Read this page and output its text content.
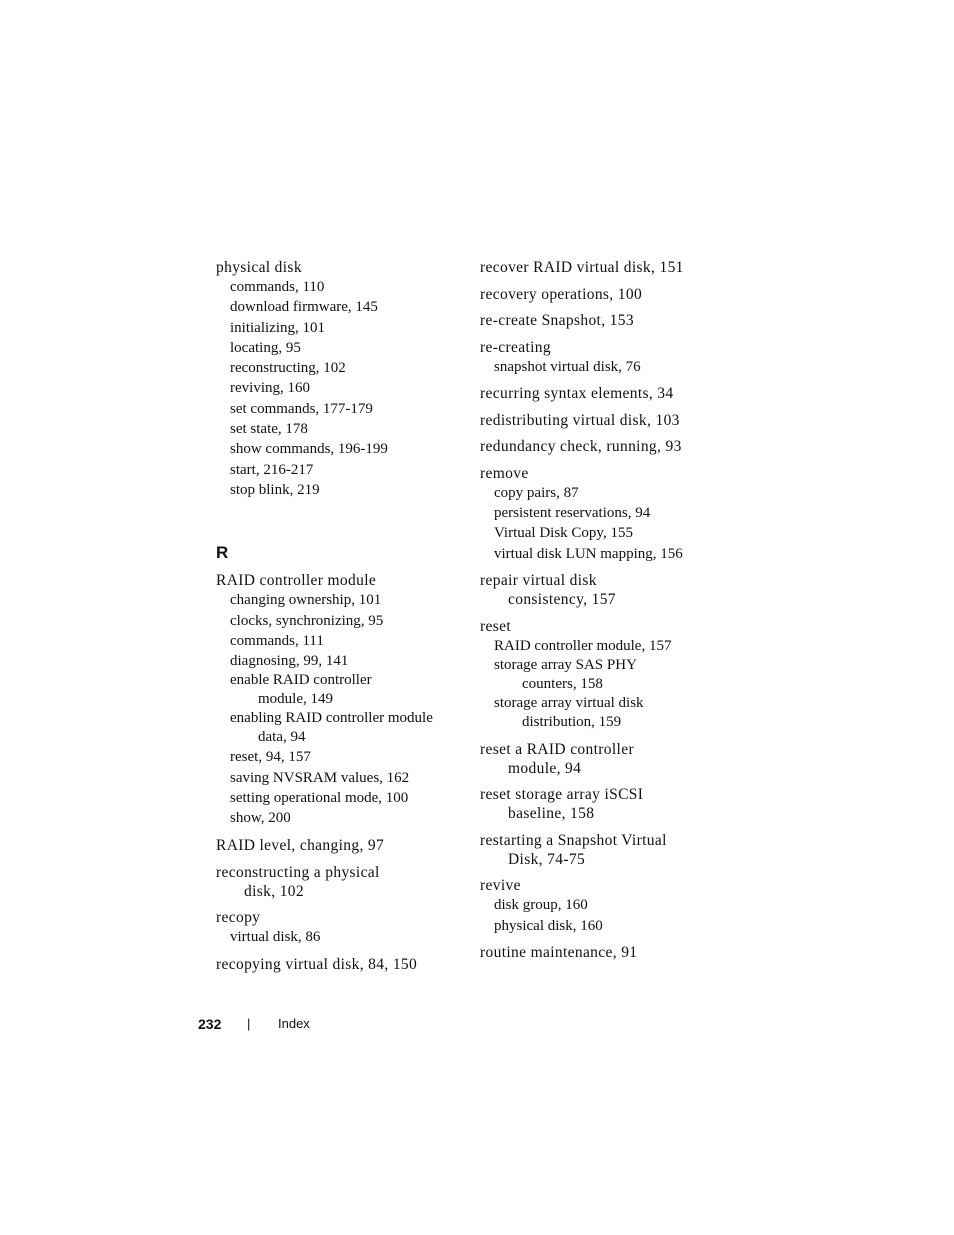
physical disk
commands, 110
download firmware, 145
initializing, 101
locating, 95
reconstructing, 102
reviving, 160
set commands, 177-179
set state, 178
show commands, 196-199
start, 216-217
stop blink, 219
R
RAID controller module
changing ownership, 101
clocks, synchronizing, 95
commands, 111
diagnosing, 99, 141
enable RAID controller
module, 149
enabling RAID controller module
data, 94
reset, 94, 157
saving NVSRAM values, 162
setting operational mode, 100
show, 200
RAID level, changing, 97
reconstructing a physical
disk, 102
recopy
virtual disk, 86
recopying virtual disk, 84, 150
recover RAID virtual disk, 151
recovery operations, 100
re-create Snapshot, 153
re-creating
snapshot virtual disk, 76
recurring syntax elements, 34
redistributing virtual disk, 103
redundancy check, running, 93
remove
copy pairs, 87
persistent reservations, 94
Virtual Disk Copy, 155
virtual disk LUN mapping, 156
repair virtual disk
consistency, 157
reset
RAID controller module, 157
storage array SAS PHY
counters, 158
storage array virtual disk
distribution, 159
reset a RAID controller
module, 94
reset storage array iSCSI
baseline, 158
restarting a Snapshot Virtual
Disk, 74-75
revive
disk group, 160
physical disk, 160
routine maintenance, 91
232 | Index
